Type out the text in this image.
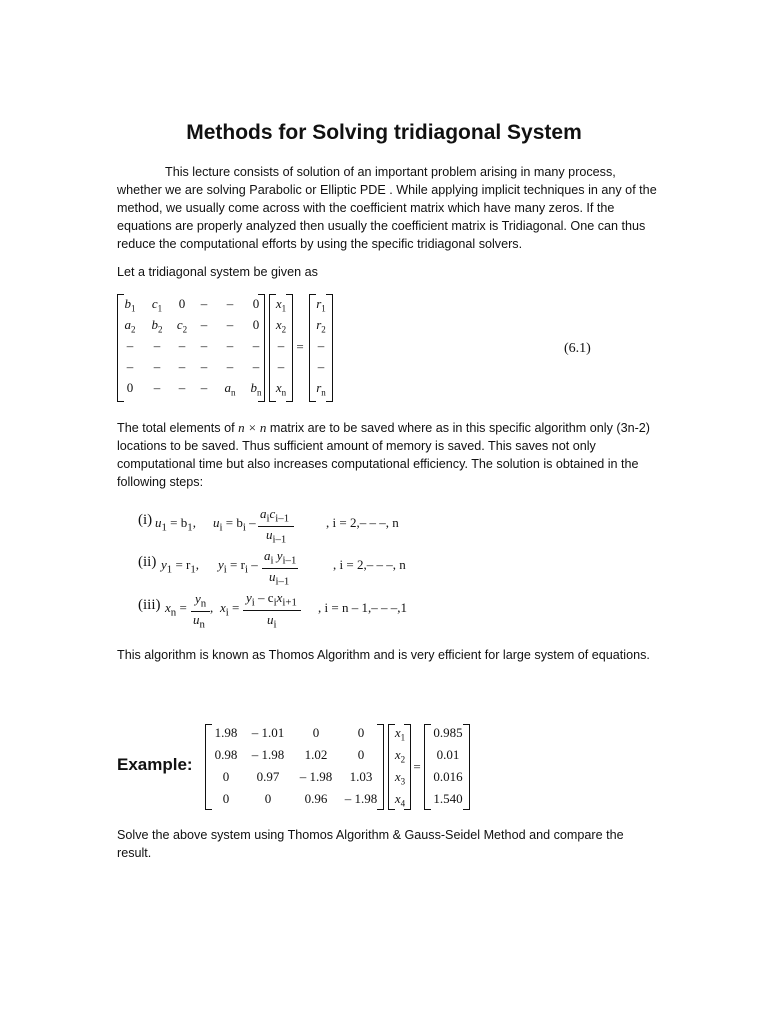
Methods for Solving tridiagonal System
This lecture consists of solution of an important problem arising in many process, whether we are solving Parabolic or Elliptic PDE . While applying implicit techniques in any of the method, we usually come across with the coefficient matrix which have many zeros. If the equations are properly analyzed then usually the coefficient matrix is Tridiagonal. One can thus reduce the computational efforts by using the specific tridiagonal solvers.
Let a tridiagonal system be given as
$b_1$ $c_1$ 0 – – 0
$a_2$ $b_2$ $c_2$ – – 0
– – – – – –
– – – – – –
0 – – – $a_n$ $b_n$
$x_1$
$x_2$
–
–
$x_n$
=
$r_1$
$r_2$
–
–
$r_n$
(6.1)
The total elements of n × n matrix are to be saved where as in this specific algorithm only (3n-2) locations to be saved. Thus sufficient amount of memory is saved. This saves not only computational time but also increases computational efficiency. The solution is obtained in the following steps:
(i) $u_1 = b_1$, $u_i = b_i$ –
$a_ic_{i-1}$
$u_{i-1}$
, i = 2,– – –, n
(ii) $y_1 = r_1$, $y_i = r_i$ –
$a_i$ $y_{i-1}$
$u_{i-1}$
, i = 2,– – –, n
(iii) $x_n$ =
$y_n$
$u_n$
, $x_i$ =
$y_i - c_ix_{i+1}$
$u_i$
, i = n – 1,– – –,1
This algorithm is known as Thomos Algorithm and is very efficient for large system of equations.
Example:
1.98 – 1.01 0	0
0.98 – 1.98 1.02 0
0 0.97 – 1.98 1.03
0	0	0.96 – 1.98
$x_1$
$x_2$
$x_3$
$x_4$
=
0.985
0.01
0.016
1.540
Solve the above system using Thomos Algorithm & Gauss-Seidel Method and compare the result.
